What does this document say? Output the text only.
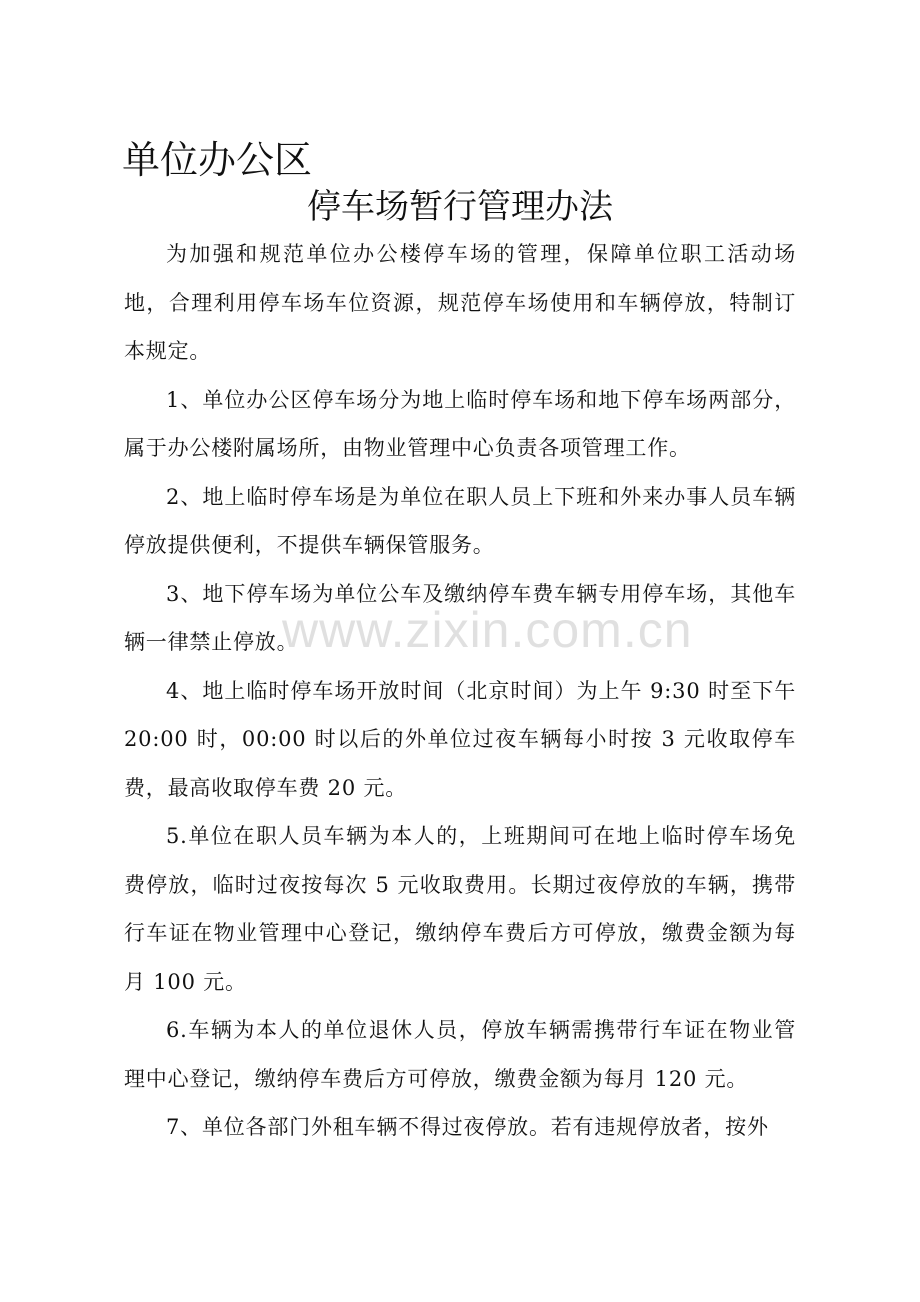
单位办公区
停车场暂行管理办法

为加强和规范单位办公楼停车场的管理，保障单位职工活动场地，合理利用停车场车位资源，规范停车场使用和车辆停放，特制订本规定。

1、单位办公区停车场分为地上临时停车场和地下停车场两部分，属于办公楼附属场所，由物业管理中心负责各项管理工作。

2、地上临时停车场是为单位在职人员上下班和外来办事人员车辆停放提供便利，不提供车辆保管服务。

3、地下停车场为单位公车及缴纳停车费车辆专用停车场，其他车辆一律禁止停放。

4、地上临时停车场开放时间（北京时间）为上午 9:30 时至下午 20:00 时，00:00 时以后的外单位过夜车辆每小时按 3 元收取停车费，最高收取停车费 20 元。

5.单位在职人员车辆为本人的，上班期间可在地上临时停车场免费停放，临时过夜按每次 5 元收取费用。长期过夜停放的车辆，携带行车证在物业管理中心登记，缴纳停车费后方可停放，缴费金额为每月 100 元。

6.车辆为本人的单位退休人员，停放车辆需携带行车证在物业管理中心登记，缴纳停车费后方可停放，缴费金额为每月 120 元。

7、单位各部门外租车辆不得过夜停放。若有违规停放者，按外

www.zixin.com.cn
